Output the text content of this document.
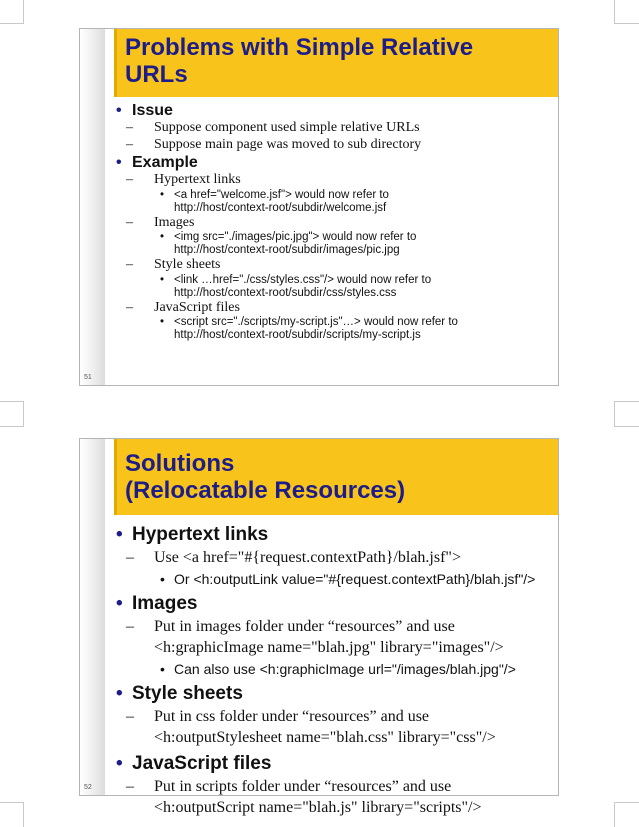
Problems with Simple Relative
URLs
• Issue
– Suppose component used simple relative URLs
– Suppose main page was moved to sub directory
• Example
– Hypertext links
• <a href="welcome.jsf"> would now refer to
http://host/context-root/subdir/welcome.jsf
– Images
• <img src="./images/pic.jpg"> would now refer to
http://host/context-root/subdir/images/pic.jpg
– Style sheets
• <link …href="./css/styles.css"/> would now refer to
http://host/context-root/subdir/css/styles.css
– JavaScript files
• <script src="./scripts/my-script.js"…> would now refer to
http://host/context-root/subdir/scripts/my-script.js
51
Solutions
(Relocatable Resources)
• Hypertext links
– Use <a href="#{request.contextPath}/blah.jsf">
• Or <h:outputLink value="#{request.contextPath}/blah.jsf"/>
• Images
– Put in images folder under “resources” and use
<h:graphicImage name="blah.jpg" library="images"/>
• Can also use <h:graphicImage url="/images/blah.jpg"/>
• Style sheets
– Put in css folder under “resources” and use
<h:outputStylesheet name="blah.css" library="css"/>
• JavaScript files
– Put in scripts folder under “resources” and use
<h:outputScript name="blah.js" library="scripts"/>
52
